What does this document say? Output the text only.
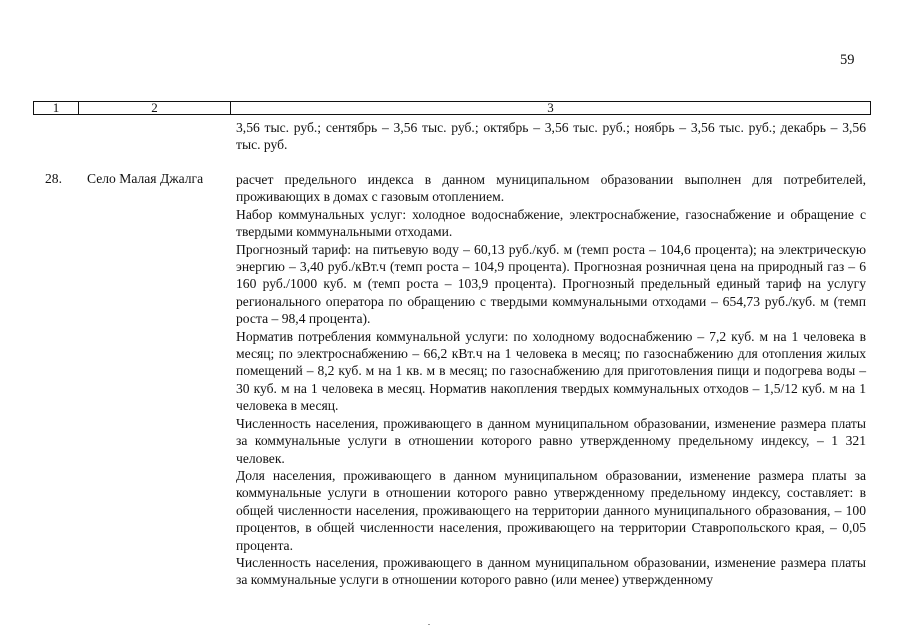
59
1	2	3

3,56 тыс. руб.; сентябрь – 3,56 тыс. руб.; октябрь – 3,56 тыс. руб.; ноябрь – 3,56 тыс. руб.; декабрь – 3,56 тыс. руб.

28. Село Малая Джалга расчет предельного индекса в данном муниципальном образовании выполнен для потребителей, проживающих в домах с газовым отоплением.

Набор коммунальных услуг: холодное водоснабжение, электроснабжение, газоснабжение и обращение с твердыми коммунальными отходами.

Прогнозный тариф: на питьевую воду – 60,13 руб./куб. м (темп роста – 104,6 процента); на электрическую энергию – 3,40 руб./кВт.ч (темп роста – 104,9 процента). Прогнозная розничная цена на природный газ – 6 160 руб./1000 куб. м (темп роста – 103,9 процента). Прогнозный предельный единый тариф на услугу регионального оператора по обращению с твердыми коммунальными отходами – 654,73 руб./куб. м (темп роста – 98,4 процента).

Норматив потребления коммунальной услуги: по холодному водоснабжению – 7,2 куб. м на 1 человека в месяц; по электроснабжению – 66,2 кВт.ч на 1 человека в месяц; по газоснабжению для отопления жилых помещений – 8,2 куб. м на 1 кв. м в месяц; по газоснабжению для приготовления пищи и подогрева воды – 30 куб. м на 1 человека в месяц. Норматив накопления твердых коммунальных отходов – 1,5/12 куб. м на 1 человека в месяц.

Численность населения, проживающего в данном муниципальном образовании, изменение размера платы за коммунальные услуги в отношении которого равно утвержденному предельному индексу, – 1 321 человек.

Доля населения, проживающего в данном муниципальном образовании, изменение размера платы за коммунальные услуги в отношении которого равно утвержденному предельному индексу, составляет: в общей численности населения, проживающего на территории данного муниципального образования, – 100 процентов, в общей численности населения, проживающего на территории Ставропольского края, – 0,05 процента.

Численность населения, проживающего в данном муниципальном образовании, изменение размера платы за коммунальные услуги в отношении которого равно (или менее) утвержденному
